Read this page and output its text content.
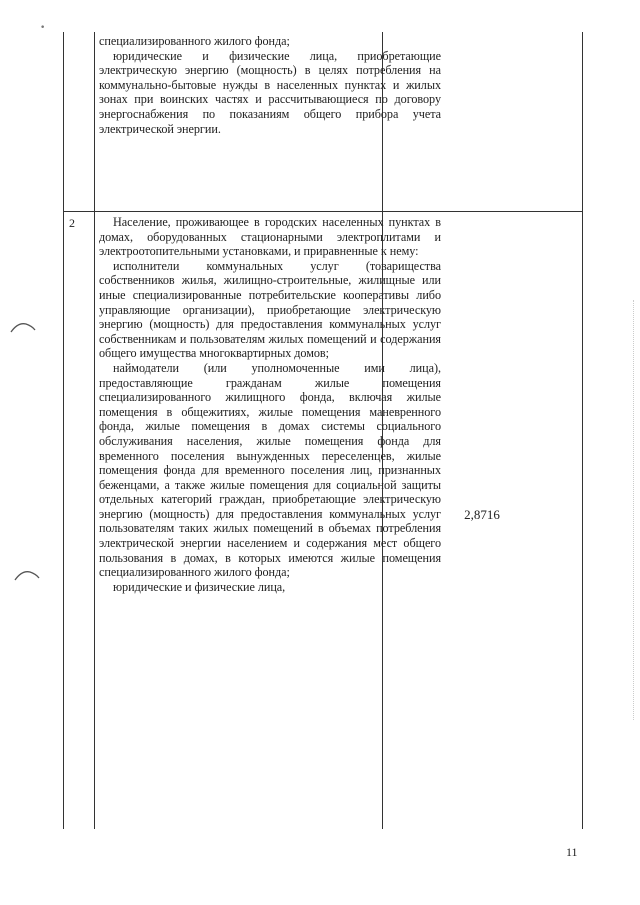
•

специализированного жилого фонда;

юридические и физические лица, приобретающие электрическую энергию (мощность) в целях потребления на коммунально-бытовые нужды в населенных пунктах и жилых зонах при воинских частях и рассчитывающиеся по договору энергоснабжения по показаниям общего прибора учета электрической энергии.

2	Население, проживающее в городских населенных пунктах в домах, оборудованных стационарными электроплитами и электроотопительными установками, и приравненные к нему:

исполнители коммунальных услуг (товарищества собственников жилья, жилищно-строительные, жилищные или иные специализированные потребительские кооперативы либо управляющие организации), приобретающие электрическую энергию (мощность) для предоставления коммунальных услуг собственникам и пользователям жилых помещений и содержания общего имущества многоквартирных домов;

наймодатели (или уполномоченные ими лица), предоставляющие гражданам жилые помещения специализированного жилищного фонда, включая жилые помещения в общежитиях, жилые помещения маневренного фонда, жилые помещения в домах системы социального обслуживания населения, жилые помещения фонда для временного поселения вынужденных переселенцев, жилые помещения фонда для временного поселения лиц, признанных беженцами, а также жилые помещения для социальной защиты отдельных категорий граждан, приобретающие электрическую энергию (мощность) для предоставления коммунальных услуг пользователям таких жилых помещений в объемах потребления электрической энергии населением и содержания мест общего пользования в домах, в которых имеются жилые помещения специализированного жилого фонда;

юридические и физические лица,

2,8716
11
